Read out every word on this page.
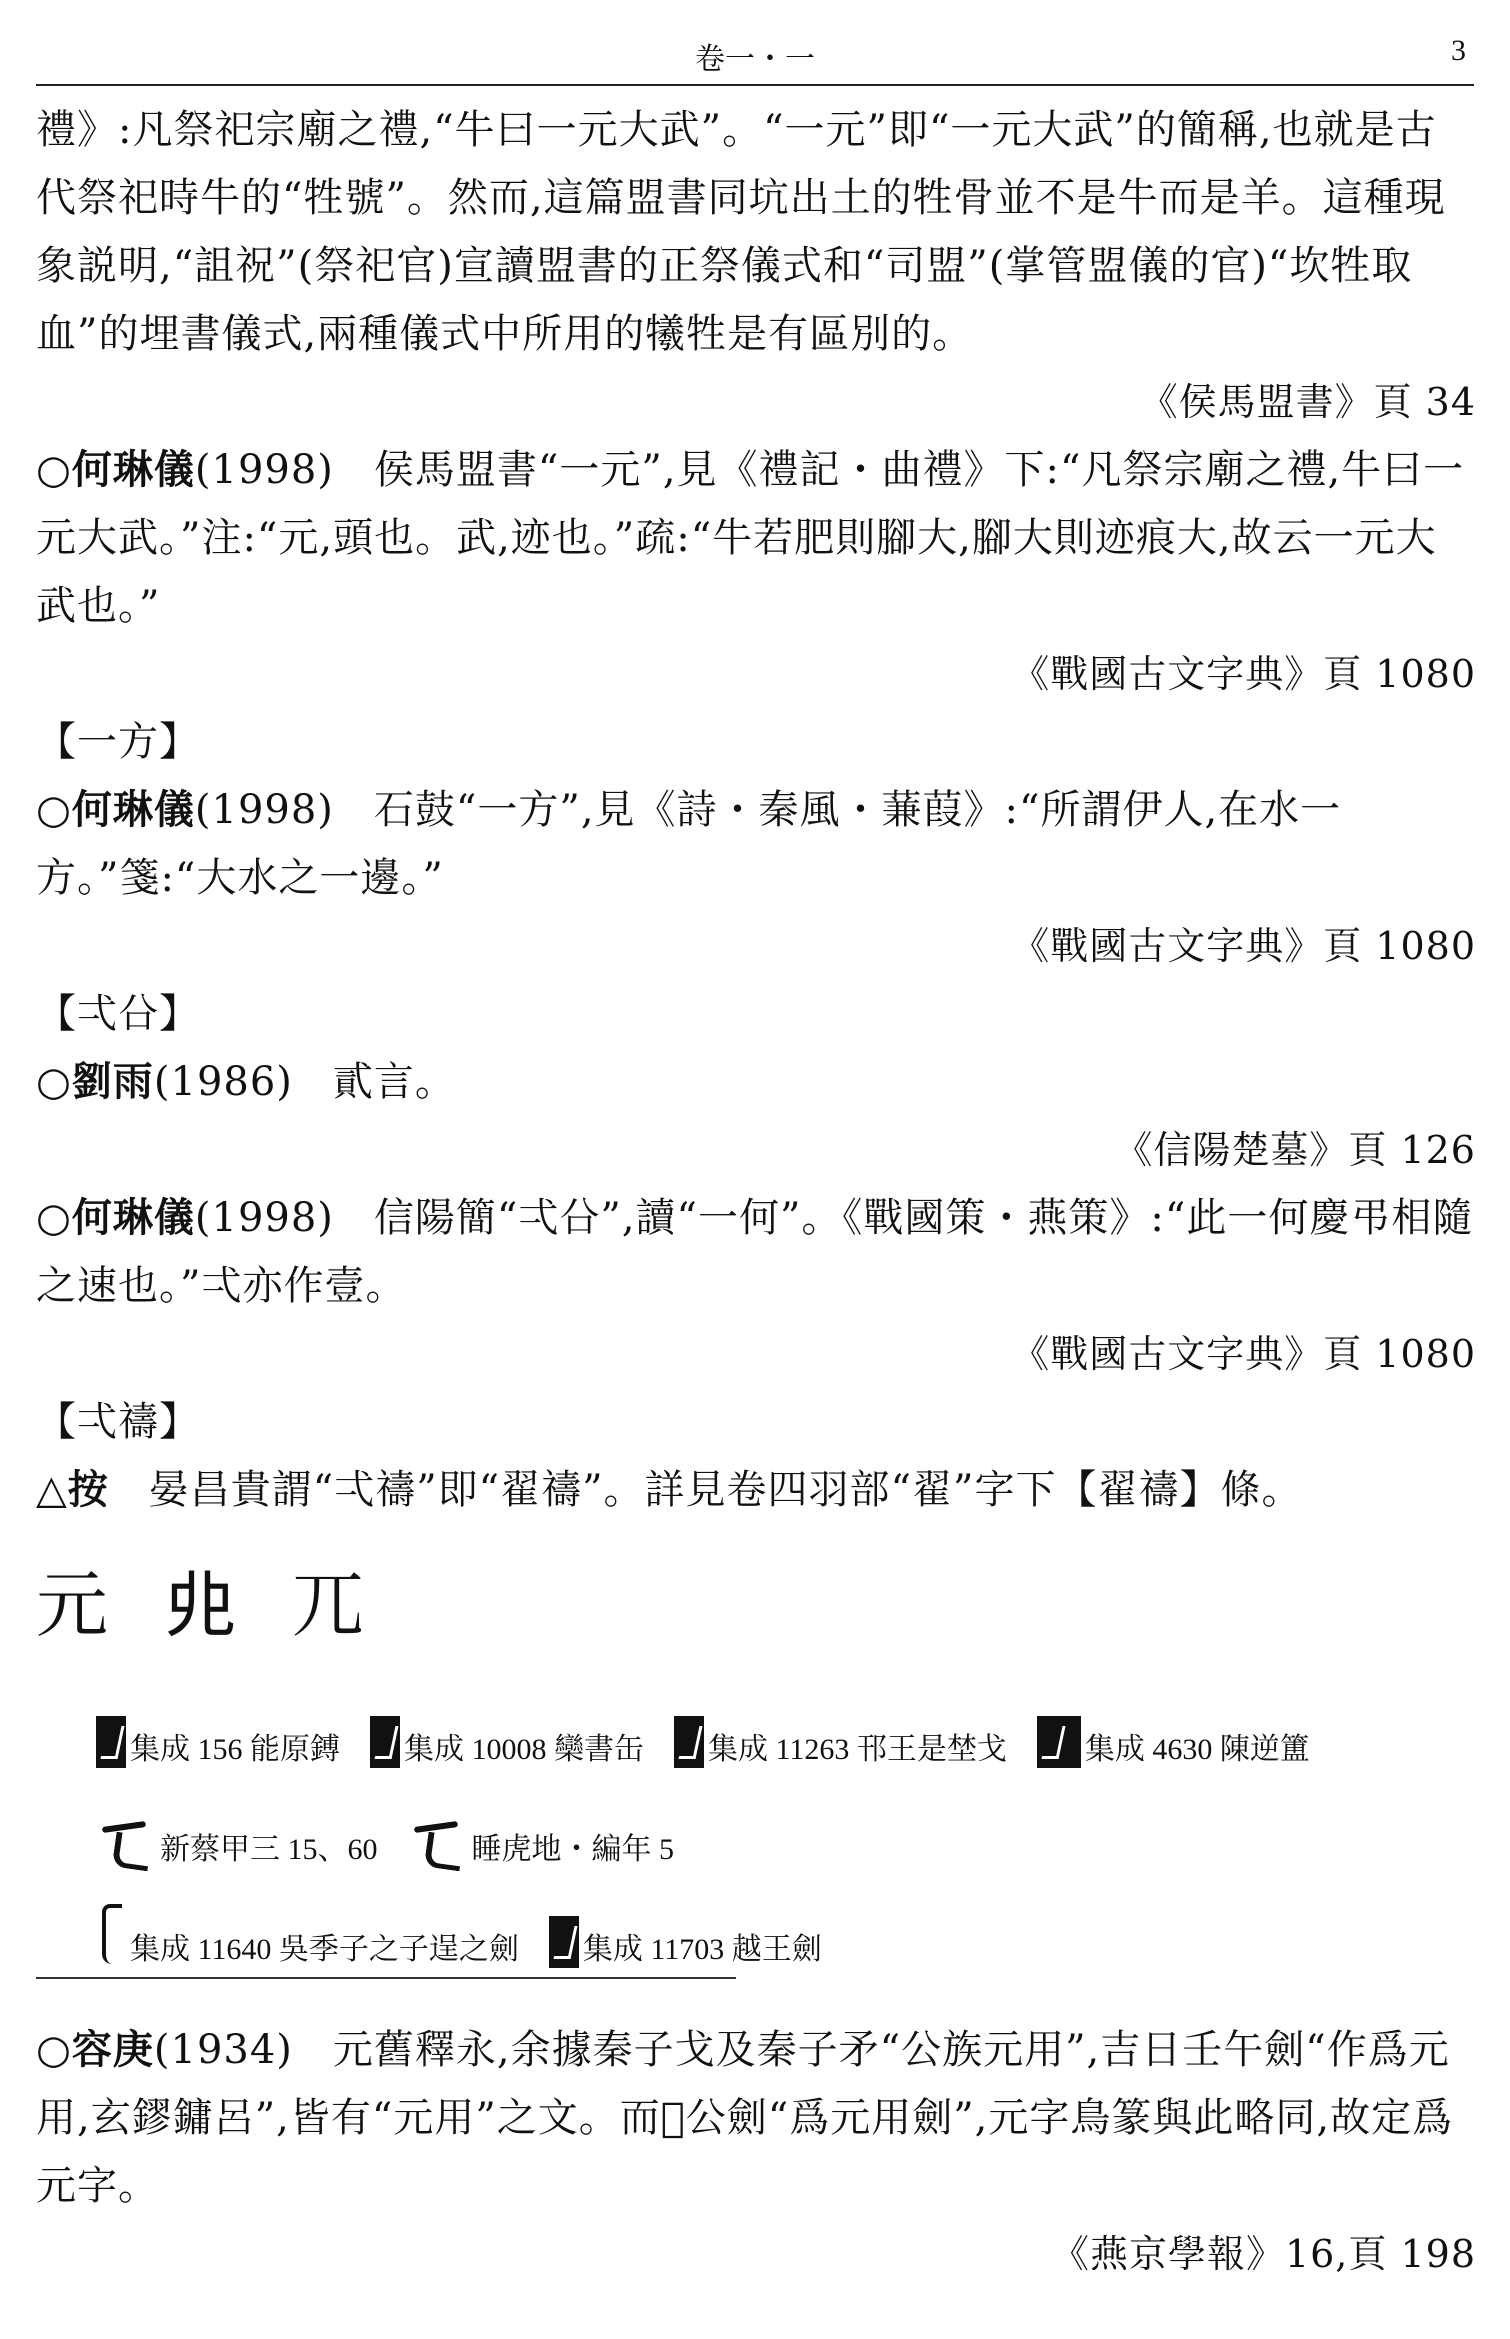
卷一・一	3

禮》:凡祭祀宗廟之禮,“牛曰一元大武”。“一元”即“一元大武”的簡稱,也就是古代祭祀時牛的“牲號”。然而,這篇盟書同坑出土的牲骨並不是牛而是羊。這種現象説明,“詛祝”(祭祀官)宣讀盟書的正祭儀式和“司盟”(掌管盟儀的官)“坎牲取血”的埋書儀式,兩種儀式中所用的犧牲是有區別的。

《侯馬盟書》頁 34

○何琳儀(1998) 侯馬盟書“一元”,見《禮記・曲禮》下:“凡祭宗廟之禮,牛曰一元大武。”注:“元,頭也。武,迹也。”疏:“牛若肥則腳大,腳大則迹痕大,故云一元大武也。”

《戰國古文字典》頁 1080

【一方】

○何琳儀(1998) 石鼓“一方”,見《詩・秦風・蒹葭》:“所謂伊人,在水一方。”箋:“大水之一邊。”

《戰國古文字典》頁 1080

【弌㕣】

○劉雨(1986) 貳言。

《信陽楚墓》頁 126

○何琳儀(1998) 信陽簡“弌㕣”,讀“一何”。《戰國策・燕策》:“此一何慶弔相隨之速也。”弌亦作壹。

《戰國古文字典》頁 1080

【弌禱】

△按 晏昌貴謂“弌禱”即“翟禱”。詳見卷四羽部“翟”字下【翟禱】條。

元 𠑹 兀
集成 156 能原鎛 集成 10008 欒書缶 集成 11263 邗王是埜戈	集成 4630 陳逆簠
新蔡甲三 15、60	睡虎地・編年 5
集成 11640 吳季子之子逞之劍 集成 11703 越王劍

○容庚(1934) 元舊釋永,余據秦子戈及秦子矛“公族元用”,吉日壬午劍“作爲元用,玄鏐鏞呂”,皆有“元用”之文。而𢼸公劍“爲元用劍”,元字鳥篆與此略同,故定爲元字。

《燕京學報》16,頁 198
